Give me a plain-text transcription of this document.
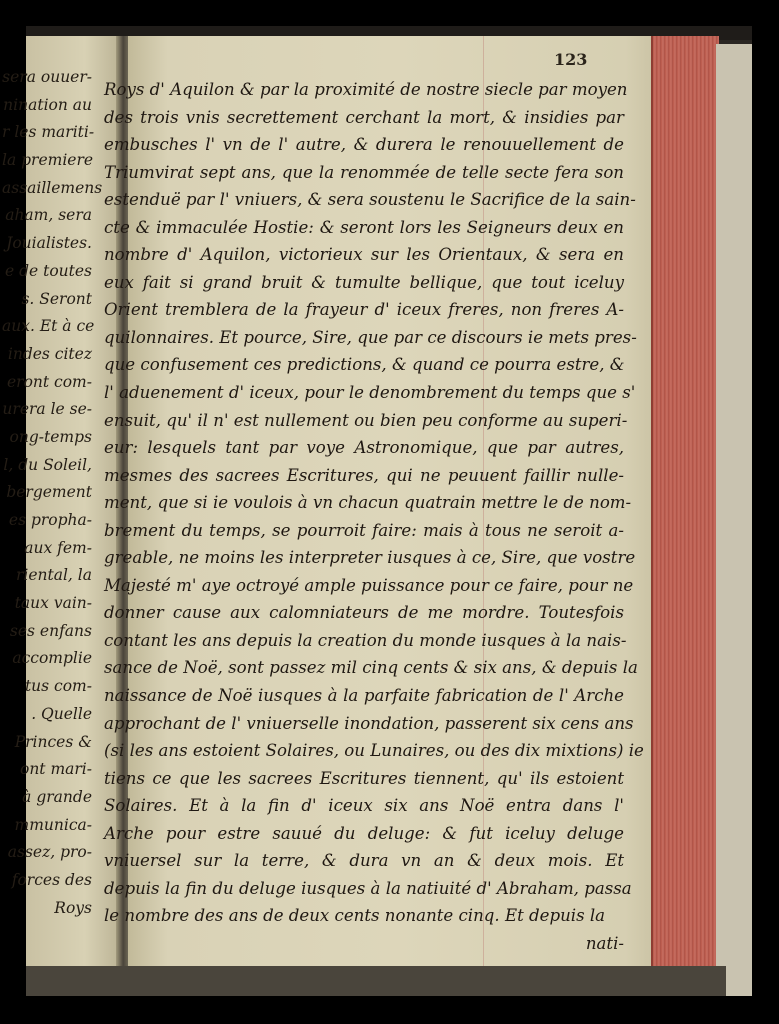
sera ouuer-
nination au
r les mariti-
la premiere
assaillemens
aham, sera
Jouialistes.
e de toutes
s. Seront
aux. Et à ce
indes citez
eront com-
urera le se-
ong-temps
l, du Soleil,
bergement
es propha-
aux fem-
riental, la
taux vain-
ses enfans
accomplie
tus com-
. Quelle
Princes &
ont mari-
à grande
mmunica-
assez, pro-
forces des
Roys
123
Roys d' Aquilon & par la proximité de nostre siecle par moyen
des trois vnis secrettement cerchant la mort, & insidies par
embusches l' vn de l' autre, & durera le renouuellement de
Triumvirat sept ans, que la renommée de telle secte fera son
estenduë par l' vniuers, & sera soustenu le Sacrifice de la sain-
cte & immaculée Hostie: & seront lors les Seigneurs deux en
nombre d' Aquilon, victorieux sur les Orientaux, & sera en
eux fait si grand bruit & tumulte bellique, que tout iceluy
Orient tremblera de la frayeur d' iceux freres, non freres A-
quilonnaires. Et pource, Sire, que par ce discours ie mets pres-
que confusement ces predictions, & quand ce pourra estre, &
l' aduenement d' iceux, pour le denombrement du temps que s'
ensuit, qu' il n' est nullement ou bien peu conforme au superi-
eur: lesquels tant par voye Astronomique, que par autres,
mesmes des sacrees Escritures, qui ne peuuent faillir nulle-
ment, que si ie voulois à vn chacun quatrain mettre le de nom-
brement du temps, se pourroit faire: mais à tous ne seroit a-
greable, ne moins les interpreter iusques à ce, Sire, que vostre
Majesté m' aye octroyé ample puissance pour ce faire, pour ne
donner cause aux calomniateurs de me mordre. Toutesfois
contant les ans depuis la creation du monde iusques à la nais-
sance de Noë, sont passez mil cinq cents & six ans, & depuis la
naissance de Noë iusques à la parfaite fabrication de l' Arche
approchant de l' vniuerselle inondation, passerent six cens ans
(si les ans estoient Solaires, ou Lunaires, ou des dix mixtions) ie
tiens ce que les sacrees Escritures tiennent, qu' ils estoient
Solaires. Et à la fin d' iceux six ans Noë entra dans l'
Arche pour estre sauué du deluge: & fut iceluy deluge
vniuersel sur la terre, & dura vn an & deux mois. Et
depuis la fin du deluge iusques à la natiuité d' Abraham, passa
le nombre des ans de deux cents nonante cinq. Et depuis la
nati-
